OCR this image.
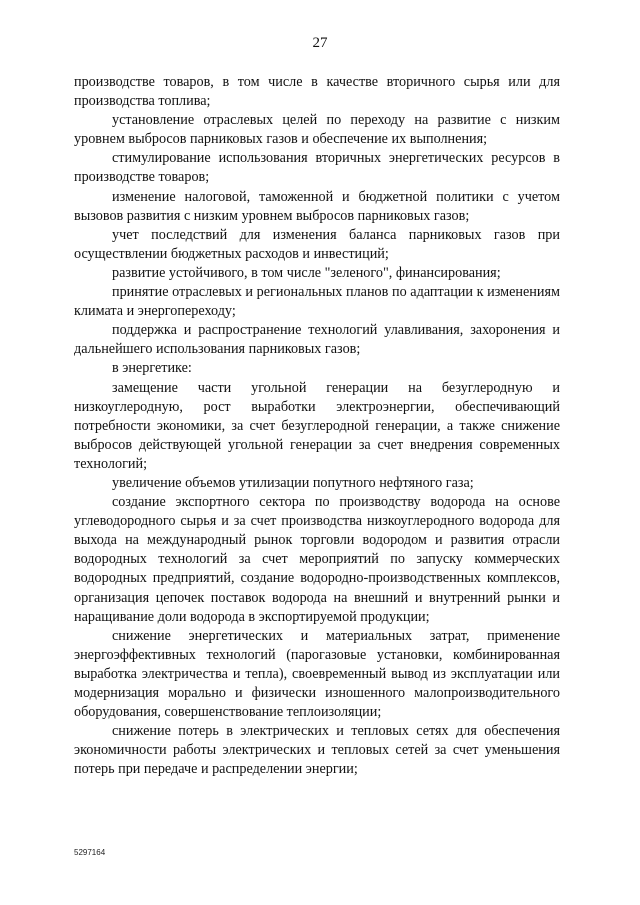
27

производстве товаров, в том числе в качестве вторичного сырья или для производства топлива;

установление отраслевых целей по переходу на развитие с низким уровнем выбросов парниковых газов и обеспечение их выполнения;

стимулирование использования вторичных энергетических ресурсов в производстве товаров;

изменение налоговой, таможенной и бюджетной политики с учетом вызовов развития с низким уровнем выбросов парниковых газов;

учет последствий для изменения баланса парниковых газов при осуществлении бюджетных расходов и инвестиций;

развитие устойчивого, в том числе "зеленого", финансирования;

принятие отраслевых и региональных планов по адаптации к изменениям климата и энергопереходу;

поддержка и распространение технологий улавливания, захоронения и дальнейшего использования парниковых газов;

в энергетике:

замещение части угольной генерации на безуглеродную и низкоуглеродную, рост выработки электроэнергии, обеспечивающий потребности экономики, за счет безуглеродной генерации, а также снижение выбросов действующей угольной генерации за счет внедрения современных технологий;

увеличение объемов утилизации попутного нефтяного газа;

создание экспортного сектора по производству водорода на основе углеводородного сырья и за счет производства низкоуглеродного водорода для выхода на международный рынок торговли водородом и развития отрасли водородных технологий за счет мероприятий по запуску коммерческих водородных предприятий, создание водородно-производственных комплексов, организация цепочек поставок водорода на внешний и внутренний рынки и наращивание доли водорода в экспортируемой продукции;

снижение энергетических и материальных затрат, применение энергоэффективных технологий (парогазовые установки, комбинированная выработка электричества и тепла), своевременный вывод из эксплуатации или модернизация морально и физически изношенного малопроизводительного оборудования, совершенствование теплоизоляции;

снижение потерь в электрических и тепловых сетях для обеспечения экономичности работы электрических и тепловых сетей за счет уменьшения потерь при передаче и распределении энергии;

5297164
